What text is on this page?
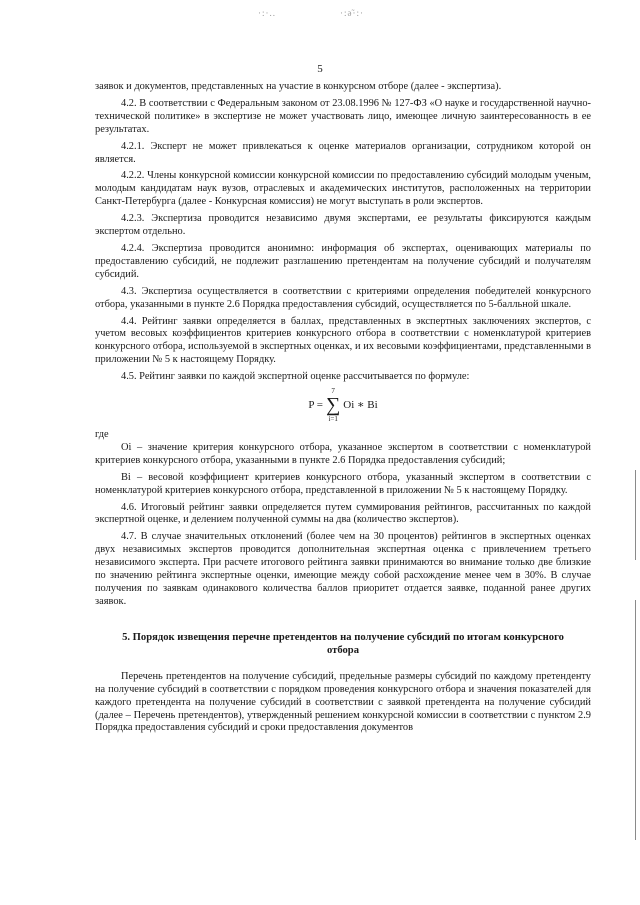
·:·..	·:ǝ̃·:·
5

заявок и документов, представленных на участие в конкурсном отборе (далее - экспертиза).

4.2. В соответствии с Федеральным законом от 23.08.1996 № 127-ФЗ «О науке и государственной научно-технической политике» в экспертизе не может участвовать лицо, имеющее личную заинтересованность в ее результатах.

4.2.1. Эксперт не может привлекаться к оценке материалов организации, сотрудником которой он является.

4.2.2. Члены конкурсной комиссии конкурсной комиссии по предоставлению субсидий молодым ученым, молодым кандидатам наук вузов, отраслевых и академических институтов, расположенных на территории Санкт-Петербурга (далее - Конкурсная комиссия) не могут выступать в роли экспертов.

4.2.3. Экспертиза проводится независимо двумя экспертами, ее результаты фиксируются каждым экспертом отдельно.

4.2.4. Экспертиза проводится анонимно: информация об экспертах, оценивающих материалы по предоставлению субсидий, не подлежит разглашению претендентам на получение субсидий и получателям субсидий.

4.3. Экспертиза осуществляется в соответствии с критериями определения победителей конкурсного отбора, указанными в пункте 2.6 Порядка предоставления субсидий, осуществляется по 5-балльной шкале.

4.4. Рейтинг заявки определяется в баллах, представленных в экспертных заключениях экспертов, с учетом весовых коэффициентов критериев конкурсного отбора в соответствии с номенклатурой критериев конкурсного отбора, используемой в экспертных оценках, и их весовыми коэффициентами, представленными в приложении № 5 к настоящему Порядку.

4.5. Рейтинг заявки по каждой экспертной оценке рассчитывается по формуле:

P =
7
∑
i=1
Oi ∗ Bi

где

Oi – значение критерия конкурсного отбора, указанное экспертом в соответствии с номенклатурой критериев конкурсного отбора, указанными в пункте 2.6 Порядка предоставления субсидий;

Bi – весовой коэффициент критериев конкурсного отбора, указанный экспертом в соответствии с номенклатурой критериев конкурсного отбора, представленной в приложении № 5 к настоящему Порядку.

4.6. Итоговый рейтинг заявки определяется путем суммирования рейтингов, рассчитанных по каждой экспертной оценке, и делением полученной суммы на два (количество экспертов).

4.7. В случае значительных отклонений (более чем на 30 процентов) рейтингов в экспертных оценках двух независимых экспертов проводится дополнительная экспертная оценка с привлечением третьего независимого эксперта. При расчете итогового рейтинга заявки принимаются во внимание только две близкие по значению рейтинга экспертные оценки, имеющие между собой расхождение менее чем в 30%. В случае получения по заявкам одинакового количества баллов приоритет отдается заявке, поданной ранее других заявок.

5. Порядок извещения перечне претендентов на получение субсидий по итогам конкурсного отбора

Перечень претендентов на получение субсидий, предельные размеры субсидий по каждому претенденту на получение субсидий в соответствии с порядком проведения конкурсного отбора и значения показателей для каждого претендента на получение субсидий в соответствии с заявкой претендента на получение субсидий (далее – Перечень претендентов), утвержденный решением конкурсной комиссии в соответствии с пунктом 2.9 Порядка предоставления субсидий и сроки предоставления документов
